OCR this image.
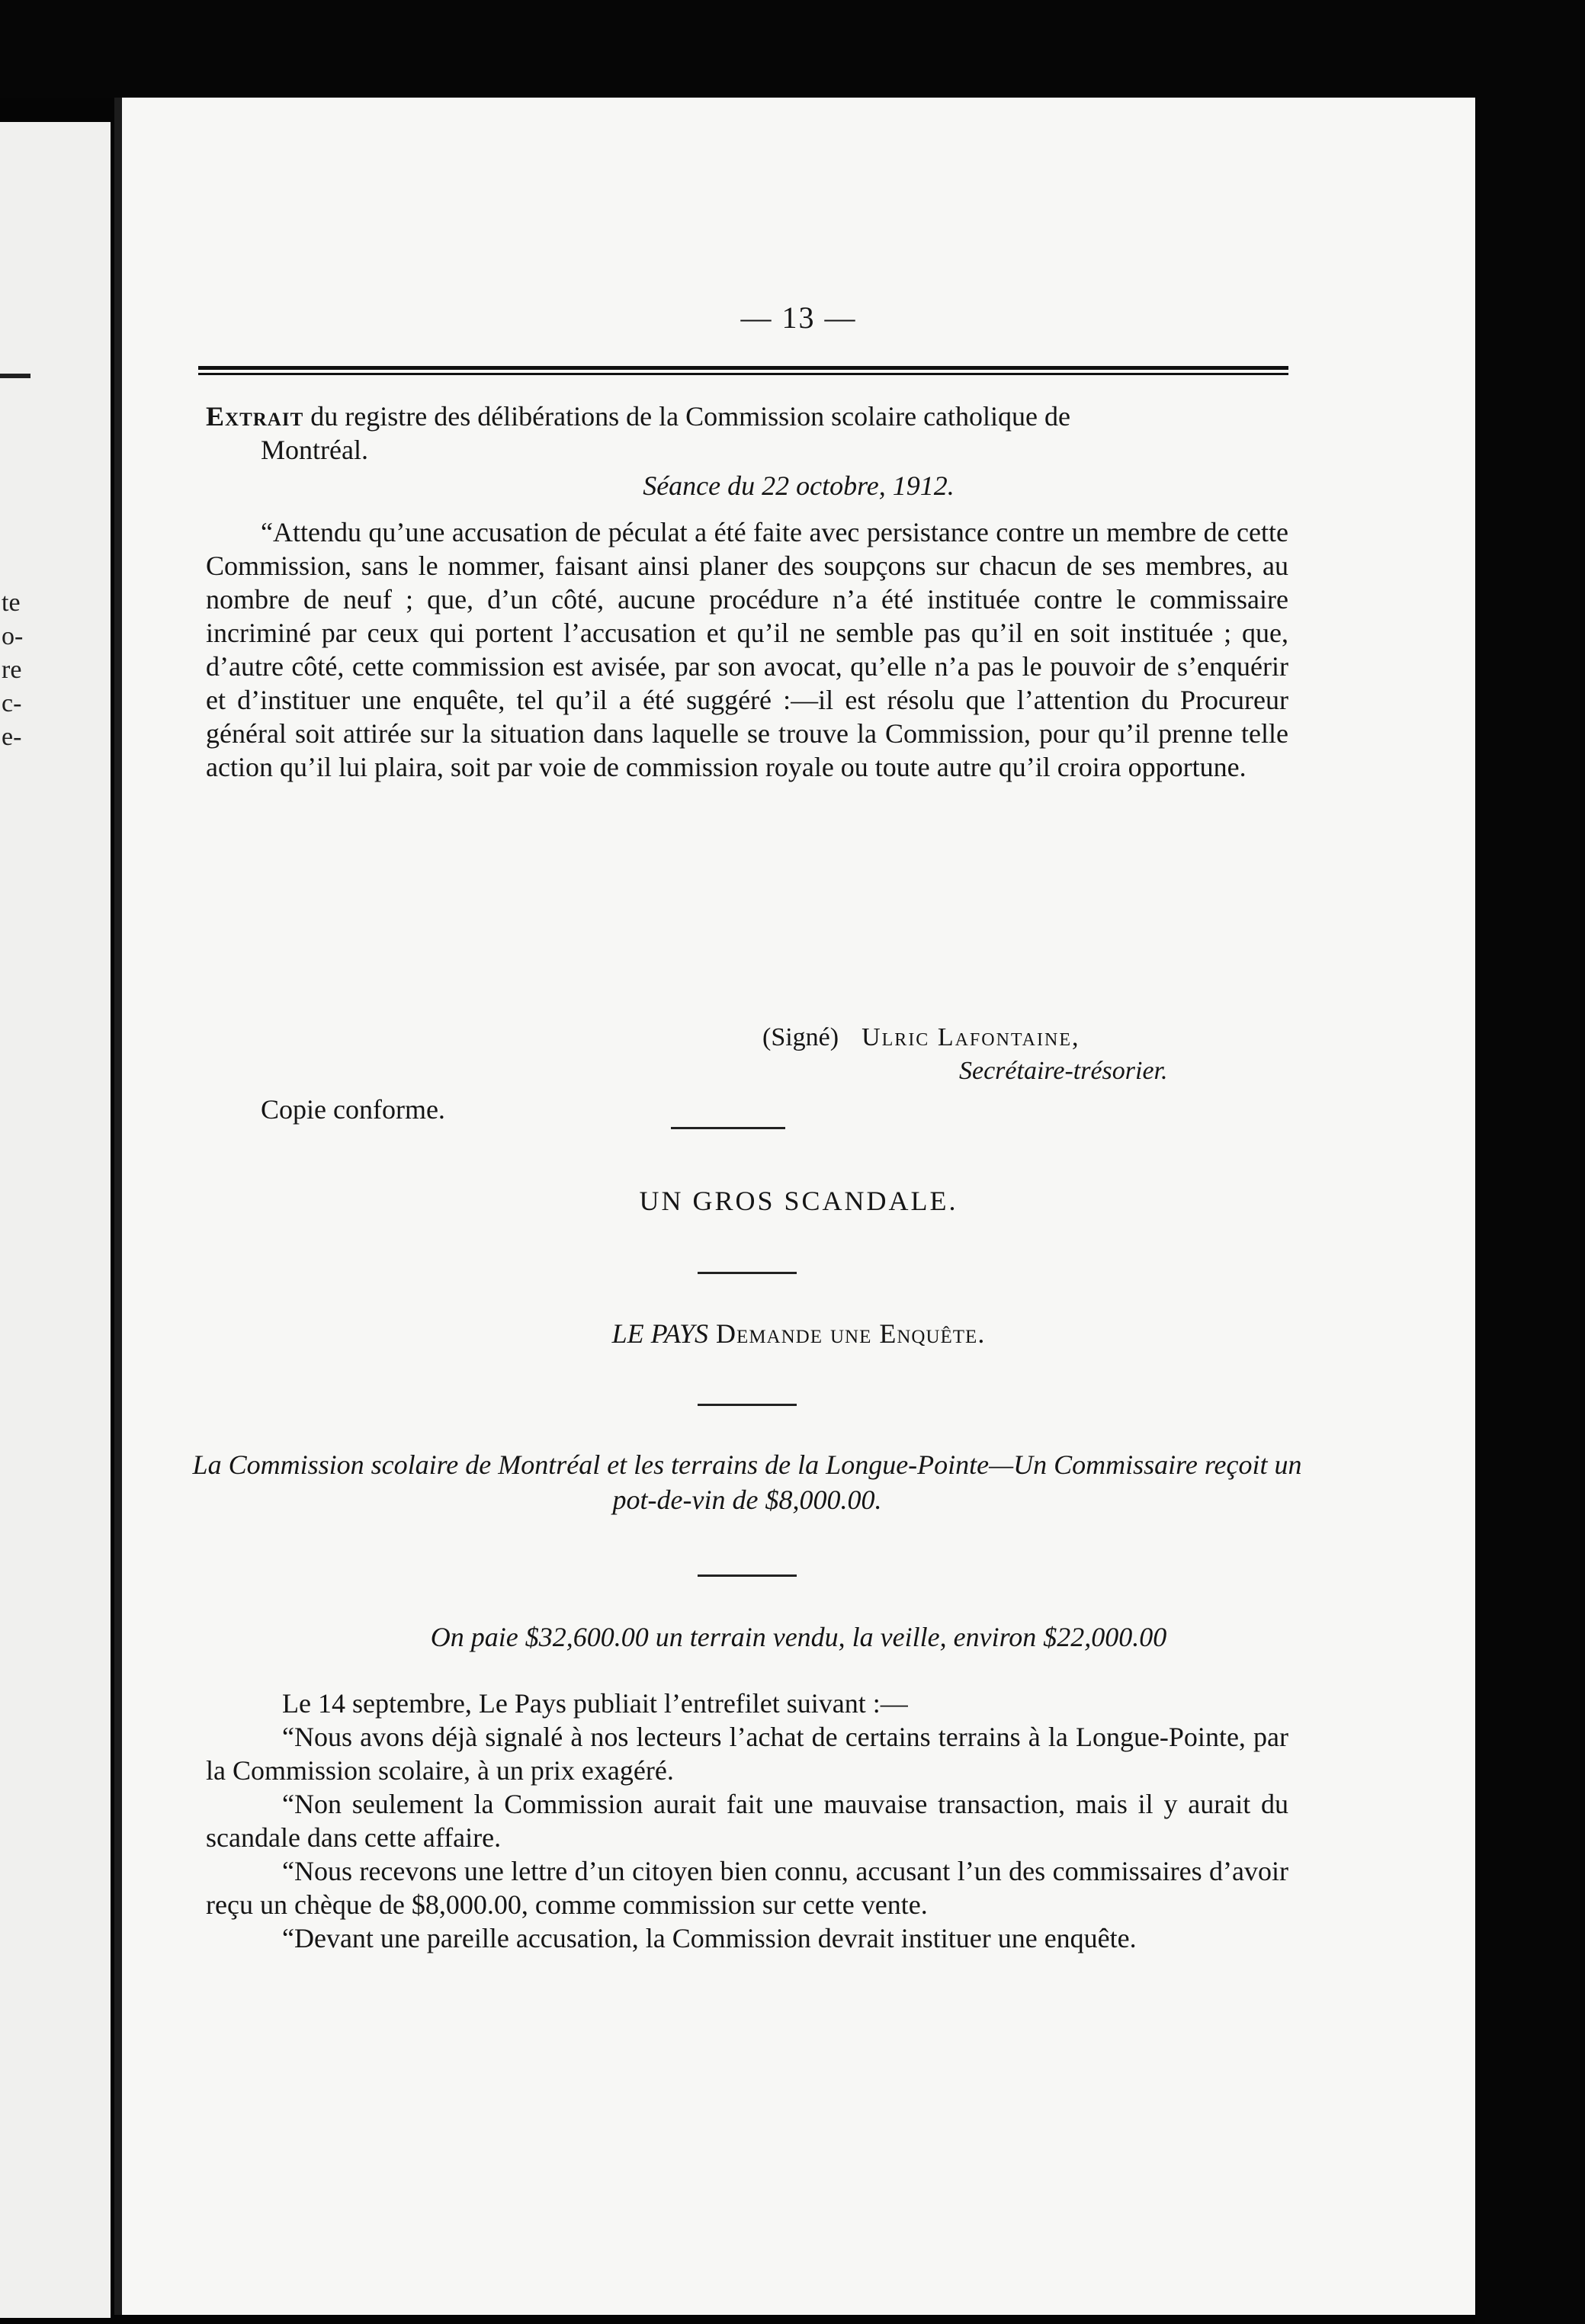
te
o-
re
c-
e-
— 13 —
Extrait du registre des délibérations de la Commission scolaire catholique de
Montréal.
Séance du 22 octobre, 1912.

“Attendu qu’une accusation de péculat a été faite avec persistance contre un membre de cette Commission, sans le nommer, faisant ainsi planer des soupçons sur chacun de ses membres, au nombre de neuf ; que, d’un côté, aucune procédure n’a été instituée contre le commissaire incriminé par ceux qui portent l’accusation et qu’il ne semble pas qu’il en soit instituée ; que, d’autre côté, cette commission est avisée, par son avocat, qu’elle n’a pas le pouvoir de s’enquérir et d’instituer une enquête, tel qu’il a été suggéré :—il est résolu que l’attention du Procureur général soit attirée sur la situation dans laquelle se trouve la Commission, pour qu’il prenne telle action qu’il lui plaira, soit par voie de commission royale ou toute autre qu’il croira opportune.

(Signé) Ulric Lafontaine,
Secrétaire-trésorier.
Copie conforme.
UN GROS SCANDALE.
LE PAYS Demande une Enquête.
La Commission scolaire de Montréal et les terrains de la Longue-Pointe—Un Commissaire reçoit un pot-de-vin de $8,000.00.
On paie $32,600.00 un terrain vendu, la veille, environ $22,000.00

Le 14 septembre, Le Pays publiait l’entrefilet suivant :—

“Nous avons déjà signalé à nos lecteurs l’achat de certains terrains à la Longue-Pointe, par la Commission scolaire, à un prix exagéré.

“Non seulement la Commission aurait fait une mauvaise transaction, mais il y aurait du scandale dans cette affaire.

“Nous recevons une lettre d’un citoyen bien connu, accusant l’un des commissaires d’avoir reçu un chèque de $8,000.00, comme commission sur cette vente.

“Devant une pareille accusation, la Commission devrait instituer une enquête.
